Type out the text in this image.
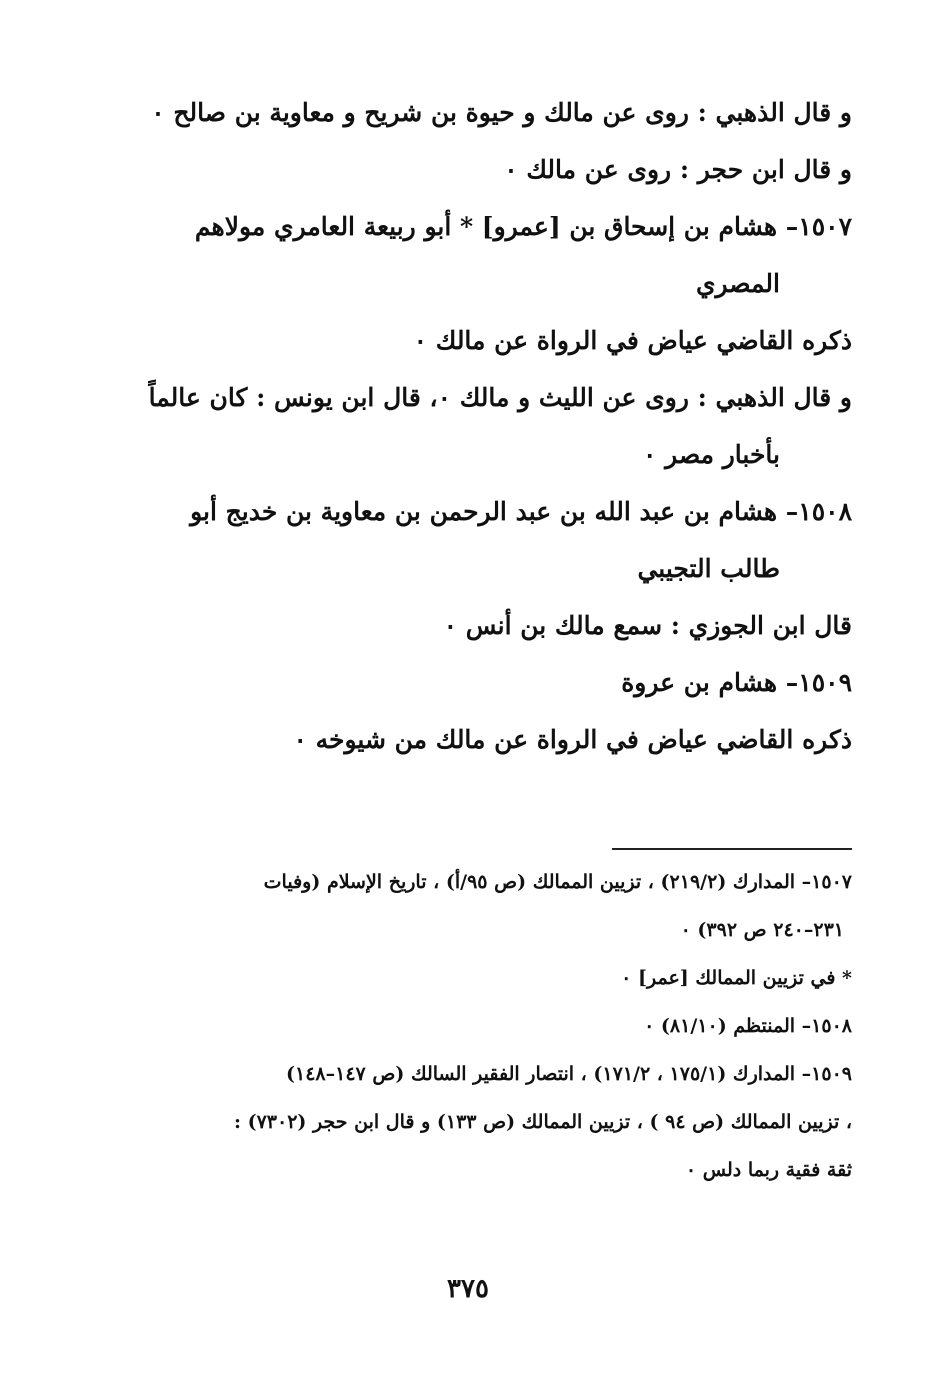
و قال الذهبي : روى عن مالك و حيوة بن شريح و معاوية بن صالح ٠
و قال ابن حجر : روى عن مالك ٠
١٥٠٧– هشام بن إسحاق بن [عمرو] * أبو ربيعة العامري مولاهم
المصري
ذكره القاضي عياض في الرواة عن مالك ٠
و قال الذهبي : روى عن الليث و مالك ٠، قال ابن يونس : كان عالماً
بأخبار مصر ٠
١٥٠٨– هشام بن عبد الله بن عبد الرحمن بن معاوية بن خديج أبو
طالب التجيبي
قال ابن الجوزي : سمع مالك بن أنس ٠
١٥٠٩– هشام بن عروة
ذكره القاضي عياض في الرواة عن مالك من شيوخه ٠
١٥٠٧– المدارك (٢١٩/٢) ، تزيين الممالك (ص ٩٥/أ) ، تاريخ الإسلام (وفيات
٢٣١–٢٤٠ ص ٣٩٢) ٠
* في تزيين الممالك [عمر] ٠
١٥٠٨– المنتظم (٨١/١٠) ٠
١٥٠٩– المدارك (١٧٥/١ ، ١٧١/٢) ، انتصار الفقير السالك (ص ١٤٧–١٤٨)
، تزيين الممالك (ص ٩٤ ) ، تزيين الممالك (ص ١٣٣) و قال ابن حجر (٧٣٠٢) :
ثقة فقية ربما دلس ٠
٣٧٥
